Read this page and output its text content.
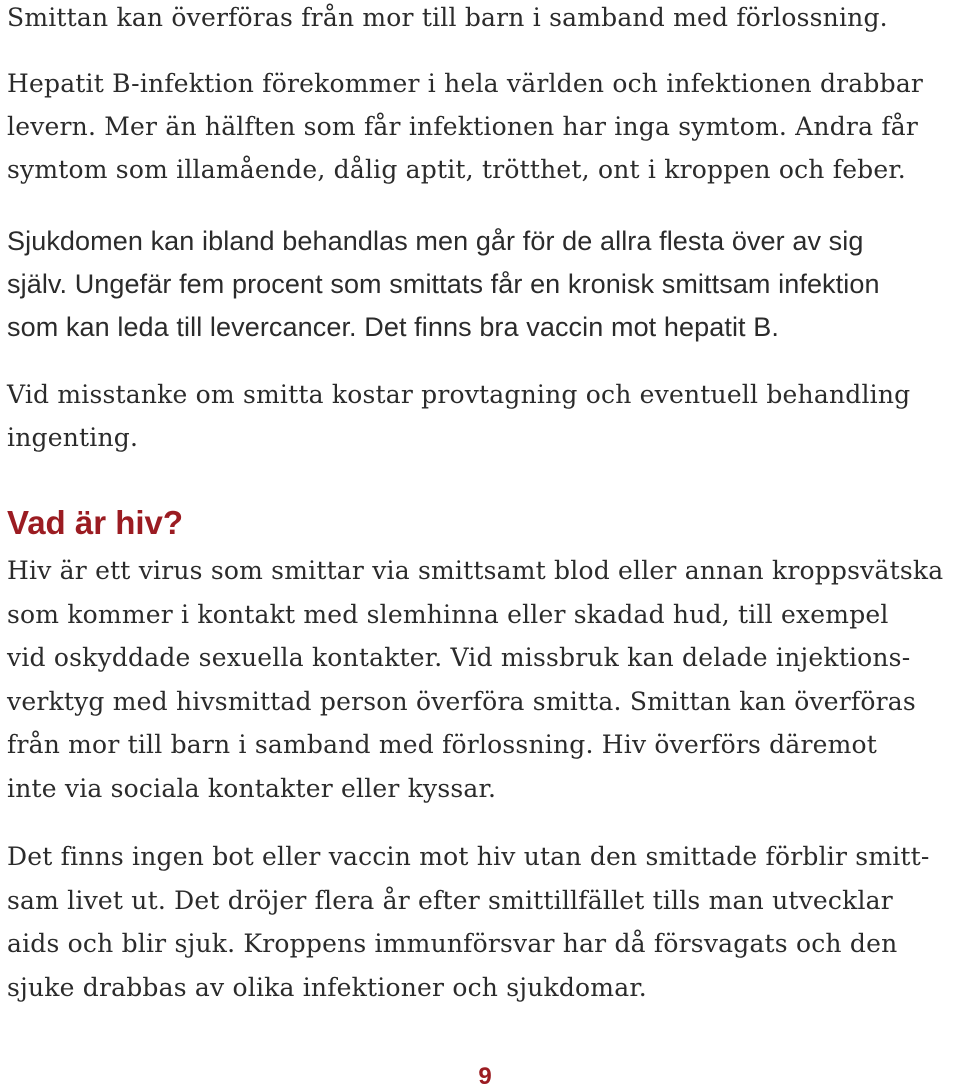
Smittan kan överföras från mor till barn i samband med förlossning.

Hepatit B-infektion förekommer i hela världen och infektionen drabbar
levern. Mer än hälften som får infektionen har inga symtom. Andra får
symtom som illamående, dålig aptit, trötthet, ont i kroppen och feber.

Sjukdomen kan ibland behandlas men går för de allra flesta över av sig
själv. Ungefär fem procent som smittats får en kronisk smittsam infektion
som kan leda till levercancer. Det finns bra vaccin mot hepatit B.

Vid misstanke om smitta kostar provtagning och eventuell behandling
ingenting.

Vad är hiv?

Hiv är ett virus som smittar via smittsamt blod eller annan kroppsvätska
som kommer i kontakt med slemhinna eller skadad hud, till exempel
vid oskyddade sexuella kontakter. Vid missbruk kan delade injektions-
verktyg med hivsmittad person överföra smitta. Smittan kan överföras
från mor till barn i samband med förlossning. Hiv överförs däremot
inte via sociala kontakter eller kyssar.

Det finns ingen bot eller vaccin mot hiv utan den smittade förblir smitt-
sam livet ut. Det dröjer flera år efter smittillfället tills man utvecklar
aids och blir sjuk. Kroppens immunförsvar har då försvagats och den
sjuke drabbas av olika infektioner och sjukdomar.

9
